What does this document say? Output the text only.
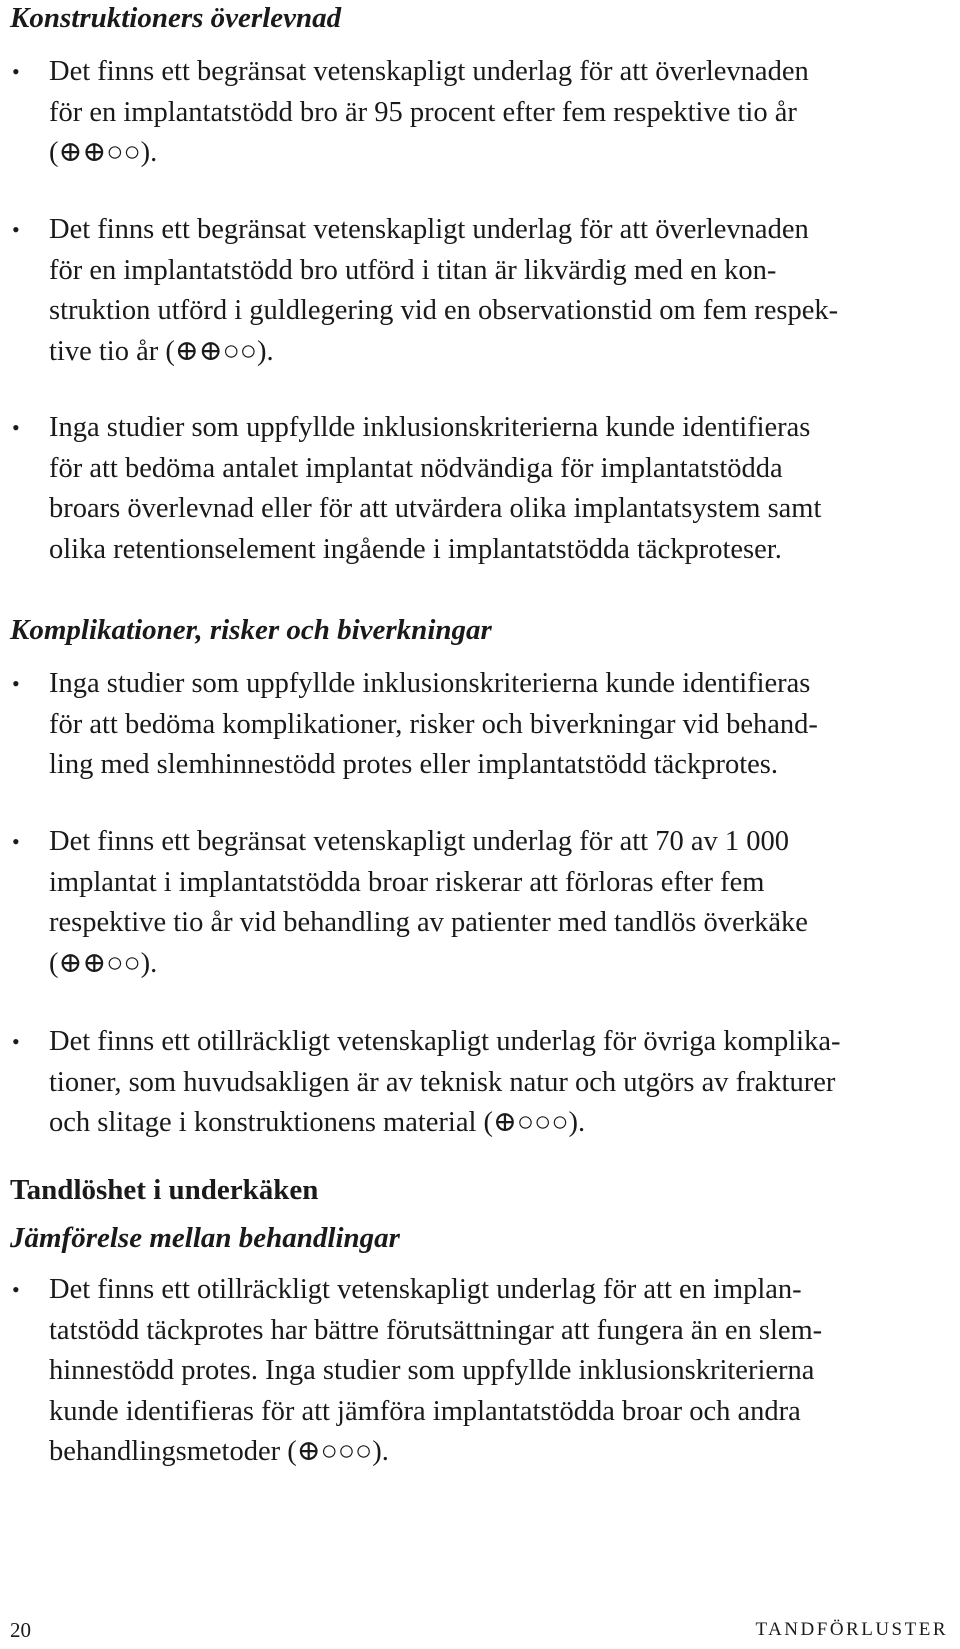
Konstruktioners överlevnad
•	Det finns ett begränsat vetenskapligt underlag för att överlevnaden
för en implantatstödd bro är 95 procent efter fem respektive tio år
(⊕⊕○○).
•	Det finns ett begränsat vetenskapligt underlag för att överlevnaden
för en implantatstödd bro utförd i titan är likvärdig med en kon-
struktion utförd i guldlegering vid en observationstid om fem respek-
tive tio år (⊕⊕○○).
•	Inga studier som uppfyllde inklusionskriterierna kunde identifieras
för att bedöma antalet implantat nödvändiga för implantatstödda
broars överlevnad eller för att utvärdera olika implantatsystem samt
olika retentionselement ingående i implantatstödda täckproteser.
Komplikationer, risker och biverkningar
•	Inga studier som uppfyllde inklusionskriterierna kunde identifieras
för att bedöma komplikationer, risker och biverkningar vid behand-
ling med slemhinnestödd protes eller implantatstödd täckprotes.
•	Det finns ett begränsat vetenskapligt underlag för att 70 av 1 000
implantat i implantatstödda broar riskerar att förloras efter fem
respektive tio år vid behandling av patienter med tandlös överkäke
(⊕⊕○○).
•	Det finns ett otillräckligt vetenskapligt underlag för övriga komplika-
tioner, som huvudsakligen är av teknisk natur och utgörs av frakturer
och slitage i konstruktionens material (⊕○○○).
Tandlöshet i underkäken
Jämförelse mellan behandlingar
•	Det finns ett otillräckligt vetenskapligt underlag för att en implan-
tatstödd täckprotes har bättre förutsättningar att fungera än en slem-
hinnestödd protes. Inga studier som uppfyllde inklusionskriterierna
kunde identifieras för att jämföra implantatstödda broar och andra
behandlingsmetoder (⊕○○○).
20	TANDFÖRLUSTER
